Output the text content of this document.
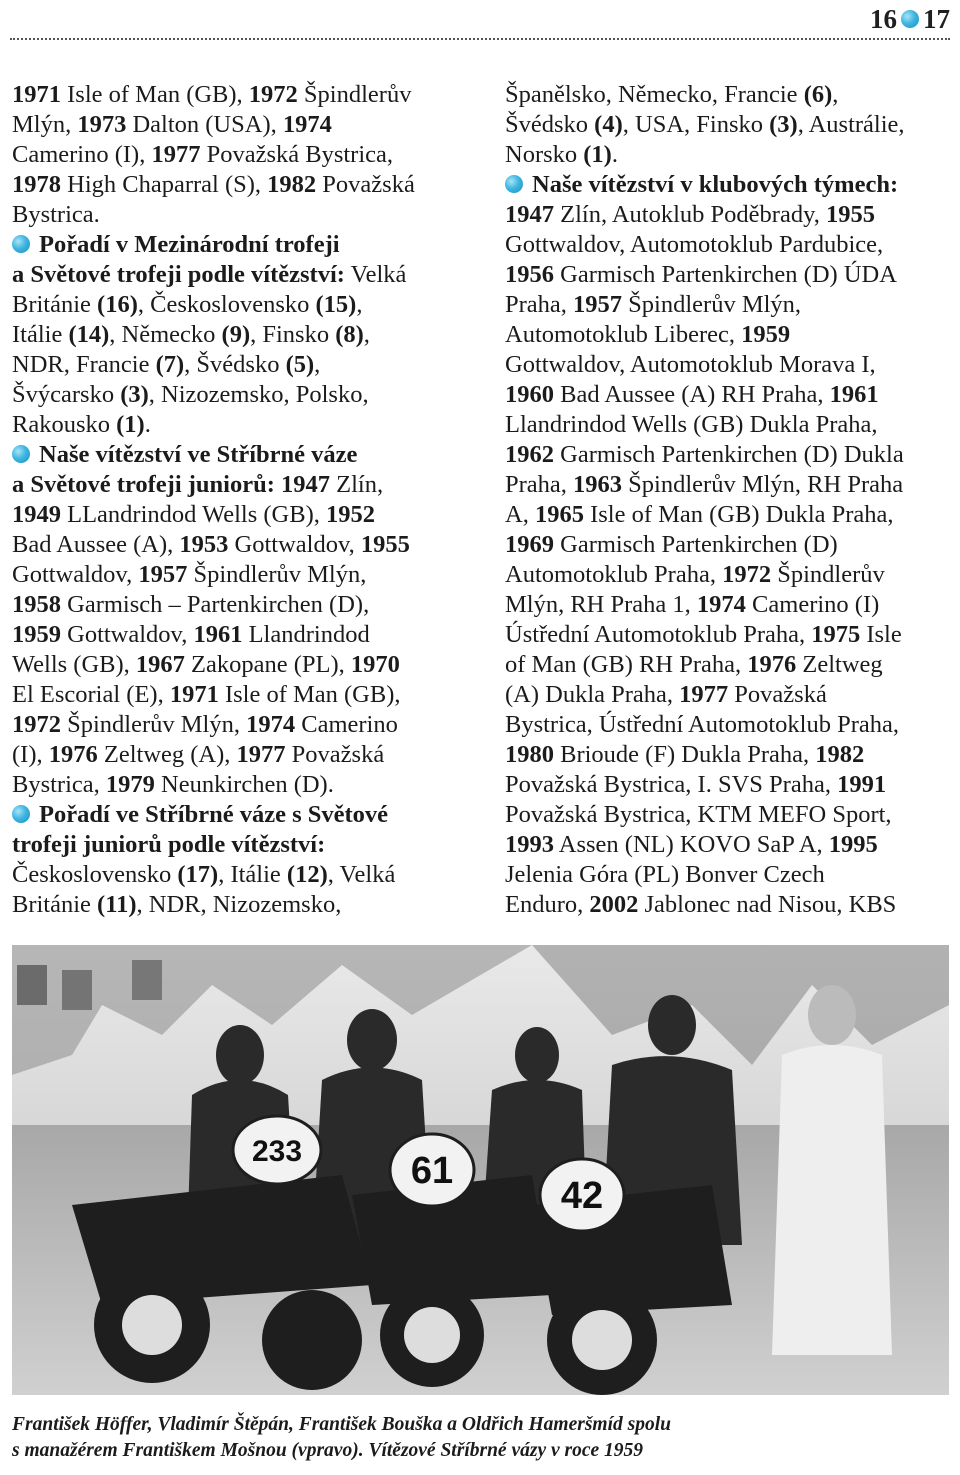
16 17
1971 Isle of Man (GB), 1972 Špindlerův
Mlýn, 1973 Dalton (USA), 1974
Camerino (I), 1977 Považská Bystrica,
1978 High Chaparral (S), 1982 Považská
Bystrica.
Pořadí v Mezinárodní trofeji
a Světové trofeji podle vítězství: Velká
Británie (16), Československo (15),
Itálie (14), Německo (9), Finsko (8),
NDR, Francie (7), Švédsko (5),
Švýcarsko (3), Nizozemsko, Polsko,
Rakousko (1).
Naše vítězství ve Stříbrné váze
a Světové trofeji juniorů: 1947 Zlín,
1949 LLandrindod Wells (GB), 1952
Bad Aussee (A), 1953 Gottwaldov, 1955
Gottwaldov, 1957 Špindlerův Mlýn,
1958 Garmisch – Partenkirchen (D),
1959 Gottwaldov, 1961 Llandrindod
Wells (GB), 1967 Zakopane (PL), 1970
El Escorial (E), 1971 Isle of Man (GB),
1972 Špindlerův Mlýn, 1974 Camerino
(I), 1976 Zeltweg (A), 1977 Považská
Bystrica, 1979 Neunkirchen (D).
Pořadí ve Stříbrné váze s Světové
trofeji juniorů podle vítězství:
Československo (17), Itálie (12), Velká
Británie (11), NDR, Nizozemsko,
Španělsko, Německo, Francie (6),
Švédsko (4), USA, Finsko (3), Austrálie,
Norsko (1).
Naše vítězství v klubových týmech:
1947 Zlín, Autoklub Poděbrady, 1955
Gottwaldov, Automotoklub Pardubice,
1956 Garmisch Partenkirchen (D) ÚDA
Praha, 1957 Špindlerův Mlýn,
Automotoklub Liberec, 1959
Gottwaldov, Automotoklub Morava I,
1960 Bad Aussee (A) RH Praha, 1961
Llandrindod Wells (GB) Dukla Praha,
1962 Garmisch Partenkirchen (D) Dukla
Praha, 1963 Špindlerův Mlýn, RH Praha
A, 1965 Isle of Man (GB) Dukla Praha,
1969 Garmisch Partenkirchen (D)
Automotoklub Praha, 1972 Špindlerův
Mlýn, RH Praha 1, 1974 Camerino (I)
Ústřední Automotoklub Praha, 1975 Isle
of Man (GB) RH Praha, 1976 Zeltweg
(A) Dukla Praha, 1977 Považská
Bystrica, Ústřední Automotoklub Praha,
1980 Brioude (F) Dukla Praha, 1982
Považská Bystrica, I. SVS Praha, 1991
Považská Bystrica, KTM MEFO Sport,
1993 Assen (NL) KOVO SaP A, 1995
Jelenia Góra (PL) Bonver Czech
Enduro, 2002 Jablonec nad Nisou, KBS
233	61
42
František Höffer, Vladimír Štěpán, František Bouška a Oldřich Hameršmíd spolu
s manažérem Františkem Mošnou (vpravo). Vítězové Stříbrné vázy v roce 1959
